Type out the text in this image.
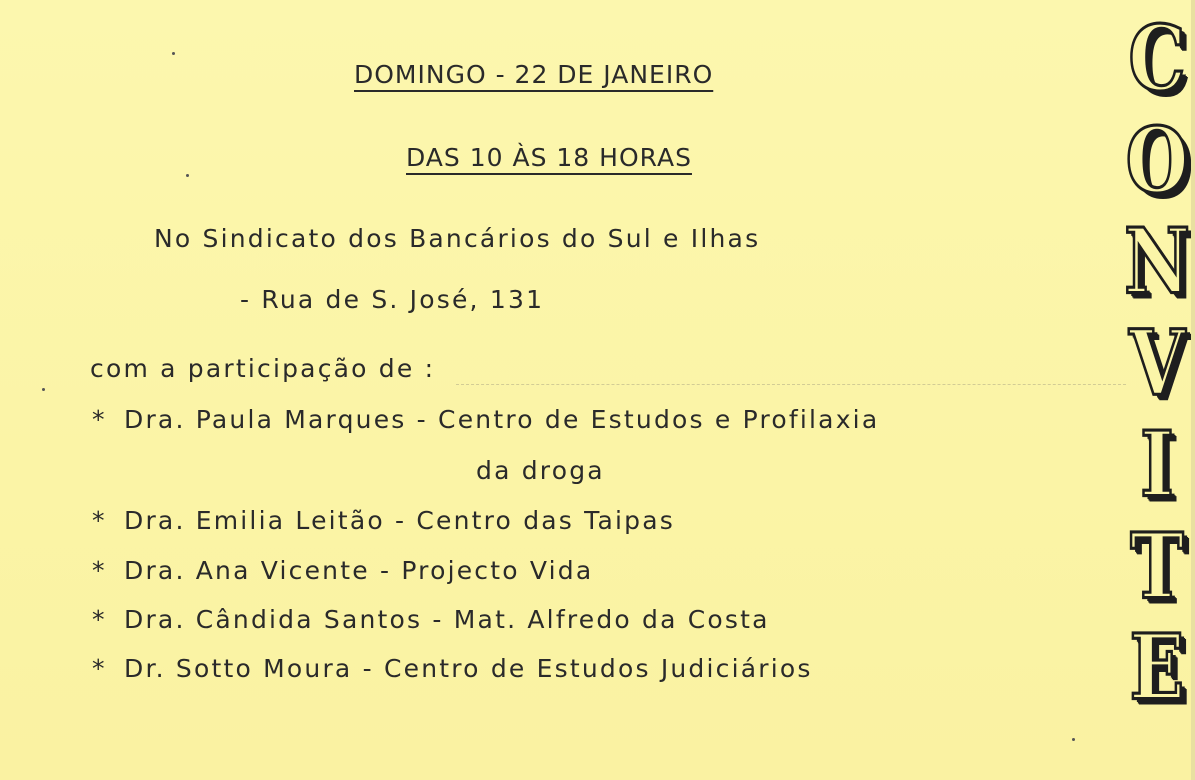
DOMINGO - 22 DE JANEIRO
DAS 10 ÀS 18 HORAS
No Sindicato dos Bancários do Sul e Ilhas
- Rua de S. José, 131
com a participação de :
* Dra. Paula Marques - Centro de Estudos e Profilaxia
da droga
* Dra. Emilia Leitão - Centro das Taipas
* Dra. Ana Vicente - Projecto Vida
* Dra. Cândida Santos - Mat. Alfredo da Costa
* Dr. Sotto Moura - Centro de Estudos Judiciários
C
O
N
V
I
T
E
